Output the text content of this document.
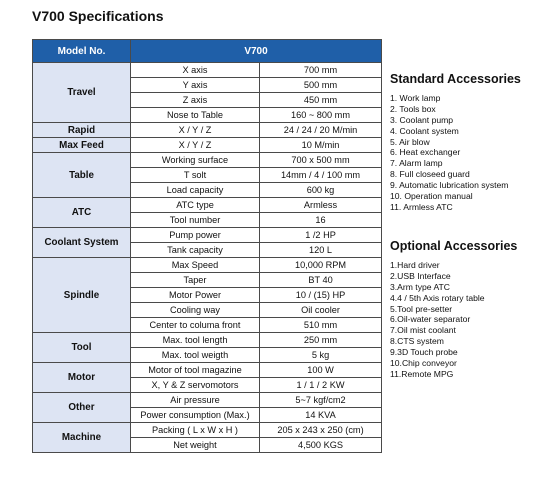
V700 Specifications
Model No.	V700	
Travel	X axis	700 mm
	Y axis	500 mm
	Z axis	450 mm
	Nose to Table	160 ~ 800 mm
Rapid	X / Y / Z	24 / 24 / 20 M/min
Max Feed	X / Y / Z	10 M/min
Table	Working surface	700 x 500 mm
	T solt	14mm / 4 / 100 mm
	Load capacity	600 kg
ATC	ATC type	Armless
	Tool number	16
Coolant System	Pump power	1 /2 HP
	Tank capacity	120 L
Spindle	Max Speed	10,000 RPM
	Taper	BT 40
	Motor Power	10 / (15) HP
	Cooling way	Oil cooler
	Center to columa front	510 mm
Tool	Max. tool length	250 mm
	Max. tool weigth	5 kg
Motor	Motor of tool magazine	100 W
	X, Y & Z servomotors	1 / 1 / 2 KW
Other	Air pressure	5~7 kgf/cm2
	Power consumption (Max.)	14 KVA
Machine	Packing ( L x W x H )	205 x 243 x 250 (cm)
	Net weight	4,500 KGS
Standard Accessories
1. Work lamp
2. Tools box
3. Coolant pump
4. Coolant system
5. Air blow
6. Heat exchanger
7. Alarm lamp
8. Full closeed guard
9. Automatic lubrication system
10. Operation manual
11. Armless ATC
Optional Accessories
1.Hard driver
2.USB Interface
3.Arm type ATC
4.4 / 5th Axis rotary table
5.Tool pre-setter
6.Oil-water separator
7.Oil mist coolant
8.CTS system
9.3D Touch probe
10.Chip conveyor
11.Remote MPG
